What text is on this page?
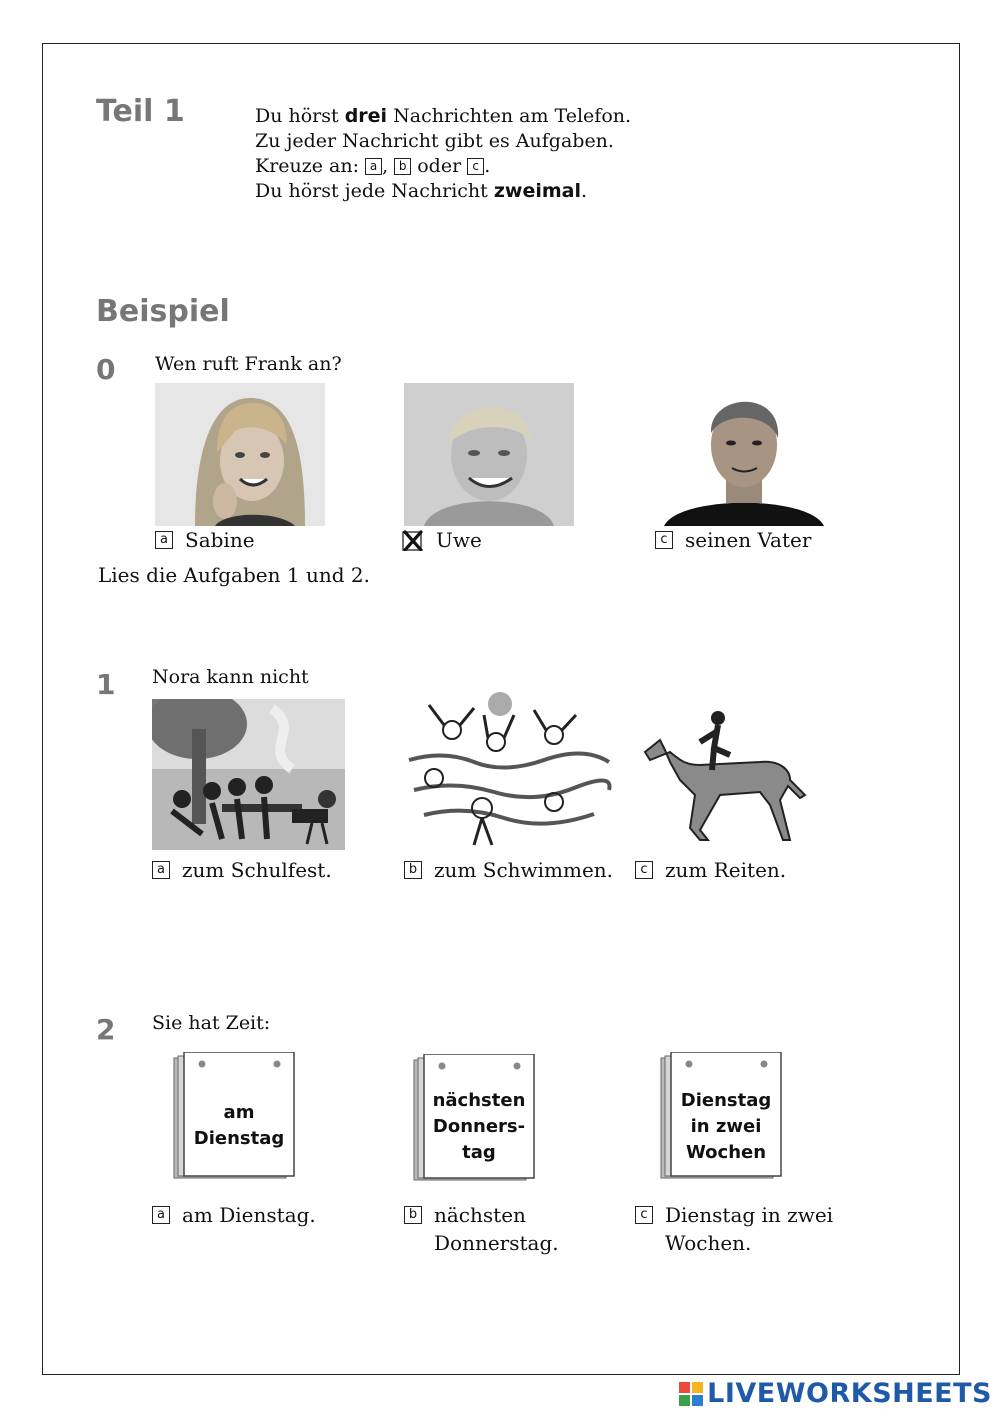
Teil 1	Du hörst drei Nachrichten am Telefon.
Zu jeder Nachricht gibt es Aufgaben.
Kreuze an: a , b oder c .
Du hörst jede Nachricht zweimal.
Beispiel
0 Wen ruft Frank an?
a Sabine	Uwe	c seinen Vater
Lies die Aufgaben 1 und 2.
1 Nora kann nicht
a zum Schulfest.	b zum Schwimmen.	c zum Reiten.
2 Sie hat Zeit:
am
Dienstag
nächsten
Donners-
tag
Dienstag
in zwei
Wochen
a am Dienstag.	b nächsten
Donnerstag.
c Dienstag in zwei
Wochen.
LIVEWORKSHEETS
